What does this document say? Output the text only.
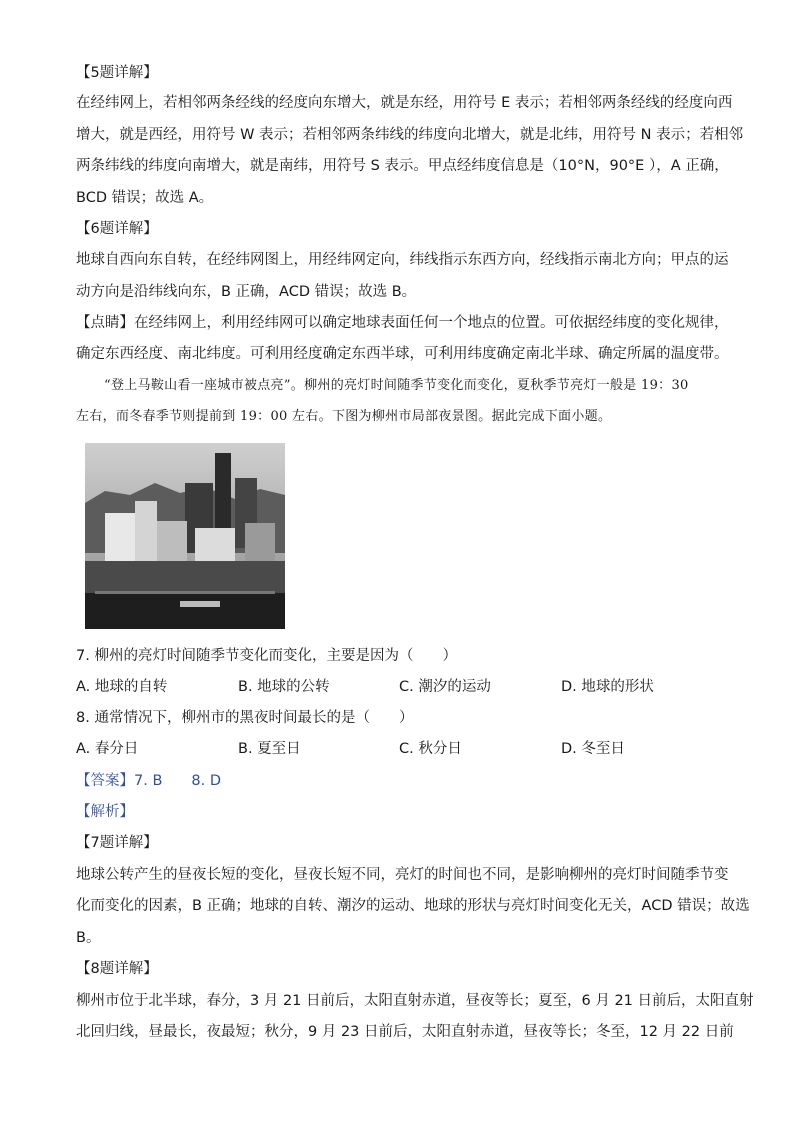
【5题详解】
在经纬网上，若相邻两条经线的经度向东增大，就是东经，用符号 E 表示；若相邻两条经线的经度向西
增大，就是西经，用符号 W 表示；若相邻两条纬线的纬度向北增大，就是北纬，用符号 N 表示；若相邻
两条纬线的纬度向南增大，就是南纬，用符号 S 表示。甲点经纬度信息是（10°N，90°E ），A 正确，
BCD 错误；故选 A。
【6题详解】
地球自西向东自转，在经纬网图上，用经纬网定向，纬线指示东西方向，经线指示南北方向；甲点的运
动方向是沿纬线向东，B 正确，ACD 错误；故选 B。
【点睛】在经纬网上，利用经纬网可以确定地球表面任何一个地点的位置。可依据经纬度的变化规律，
确定东西经度、南北纬度。可利用经度确定东西半球，可利用纬度确定南北半球、确定所属的温度带。
“登上马鞍山看一座城市被点亮”。柳州的亮灯时间随季节变化而变化，夏秋季节亮灯一般是 19：30
左右，而冬春季节则提前到 19：00 左右。下图为柳州市局部夜景图。据此完成下面小题。
7. 柳州的亮灯时间随季节变化而变化，主要是因为（　　）
A. 地球的自转	B. 地球的公转	C. 潮汐的运动	D. 地球的形状
8. 通常情况下，柳州市的黑夜时间最长的是（　　）
A. 春分日	B. 夏至日	C. 秋分日	D. 冬至日
【答案】7. B　　8. D
【解析】
【7题详解】
地球公转产生的昼夜长短的变化，昼夜长短不同，亮灯的时间也不同，是影响柳州的亮灯时间随季节变
化而变化的因素，B 正确；地球的自转、潮汐的运动、地球的形状与亮灯时间变化无关，ACD 错误；故选
B。
【8题详解】
柳州市位于北半球，春分，3 月 21 日前后，太阳直射赤道，昼夜等长；夏至，6 月 21 日前后，太阳直射
北回归线，昼最长，夜最短；秋分，9 月 23 日前后，太阳直射赤道，昼夜等长；冬至，12 月 22 日前
